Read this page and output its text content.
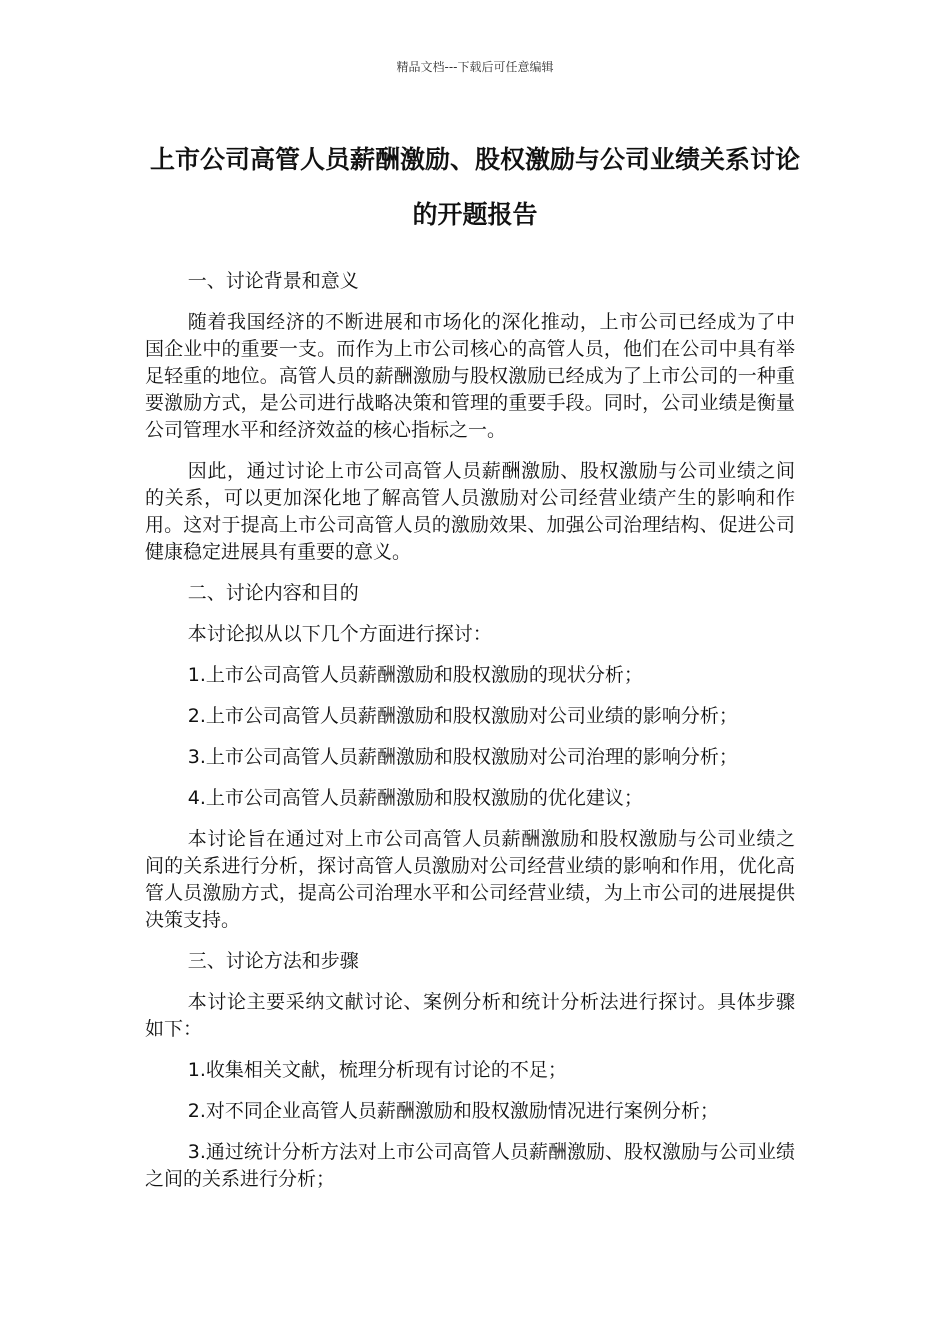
精品文档---下载后可任意编辑
上市公司高管人员薪酬激励、股权激励与公司业绩关系讨论的开题报告

一、讨论背景和意义

随着我国经济的不断进展和市场化的深化推动，上市公司已经成为了中国企业中的重要一支。而作为上市公司核心的高管人员，他们在公司中具有举足轻重的地位。高管人员的薪酬激励与股权激励已经成为了上市公司的一种重要激励方式，是公司进行战略决策和管理的重要手段。同时，公司业绩是衡量公司管理水平和经济效益的核心指标之一。

因此，通过讨论上市公司高管人员薪酬激励、股权激励与公司业绩之间的关系，可以更加深化地了解高管人员激励对公司经营业绩产生的影响和作用。这对于提高上市公司高管人员的激励效果、加强公司治理结构、促进公司健康稳定进展具有重要的意义。

二、讨论内容和目的

本讨论拟从以下几个方面进行探讨：

1.上市公司高管人员薪酬激励和股权激励的现状分析；

2.上市公司高管人员薪酬激励和股权激励对公司业绩的影响分析；

3.上市公司高管人员薪酬激励和股权激励对公司治理的影响分析；

4.上市公司高管人员薪酬激励和股权激励的优化建议；

本讨论旨在通过对上市公司高管人员薪酬激励和股权激励与公司业绩之间的关系进行分析，探讨高管人员激励对公司经营业绩的影响和作用，优化高管人员激励方式，提高公司治理水平和公司经营业绩，为上市公司的进展提供决策支持。

三、讨论方法和步骤

本讨论主要采纳文献讨论、案例分析和统计分析法进行探讨。具体步骤如下：

1.收集相关文献，梳理分析现有讨论的不足；

2.对不同企业高管人员薪酬激励和股权激励情况进行案例分析；

3.通过统计分析方法对上市公司高管人员薪酬激励、股权激励与公司业绩之间的关系进行分析；
